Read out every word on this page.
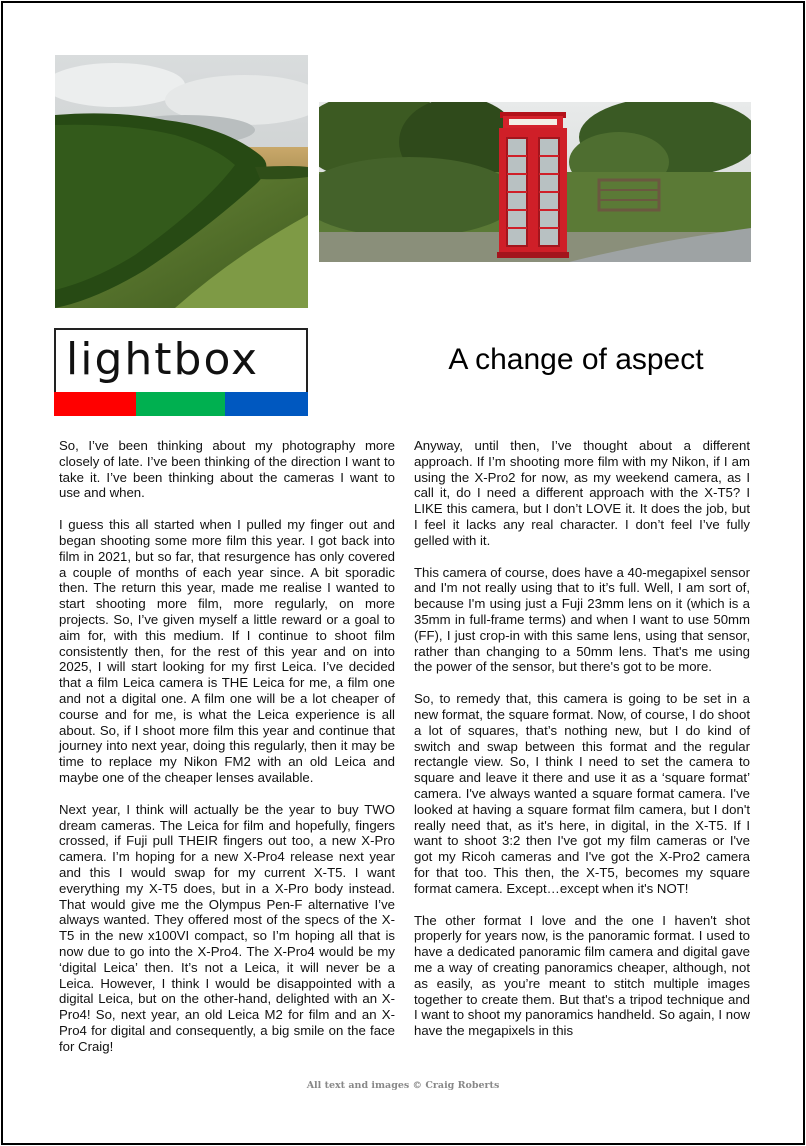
lightbox	A change of aspect

So, I’ve been thinking about my photography more closely of late. I’ve been thinking of the direction I want to take it. I’ve been thinking about the cameras I want to use and when.

I guess this all started when I pulled my finger out and began shooting some more film this year. I got back into film in 2021, but so far, that resurgence has only covered a couple of months of each year since. A bit sporadic then. The return this year, made me realise I wanted to start shooting more film, more regularly, on more projects. So, I’ve given myself a little reward or a goal to aim for, with this medium. If I continue to shoot film consistently then, for the rest of this year and on into 2025, I will start looking for my first Leica. I’ve decided that a film Leica camera is THE Leica for me, a film one and not a digital one. A film one will be a lot cheaper of course and for me, is what the Leica experience is all about. So, if I shoot more film this year and continue that journey into next year, doing this regularly, then it may be time to replace my Nikon FM2 with an old Leica and maybe one of the cheaper lenses available.

Next year, I think will actually be the year to buy TWO dream cameras. The Leica for film and hopefully, fingers crossed, if Fuji pull THEIR fingers out too, a new X-Pro camera. I’m hoping for a new X-Pro4 release next year and this I would swap for my current X-T5. I want everything my X-T5 does, but in a X-Pro body instead. That would give me the Olympus Pen-F alternative I’ve always wanted. They offered most of the specs of the X-T5 in the new x100VI compact, so I’m hoping all that is now due to go into the X-Pro4. The X-Pro4 would be my ‘digital Leica’ then. It’s not a Leica, it will never be a Leica. However, I think I would be disappointed with a digital Leica, but on the other-hand, delighted with an X-Pro4! So, next year, an old Leica M2 for film and an X-Pro4 for digital and consequently, a big smile on the face for Craig!

Anyway, until then, I’ve thought about a different approach. If I’m shooting more film with my Nikon, if I am using the X-Pro2 for now, as my weekend camera, as I call it, do I need a different approach with the X-T5? I LIKE this camera, but I don’t LOVE it. It does the job, but I feel it lacks any real character. I don’t feel I’ve fully gelled with it.

This camera of course, does have a 40-megapixel sensor and I'm not really using that to it’s full. Well, I am sort of, because I'm using just a Fuji 23mm lens on it (which is a 35mm in full-frame terms) and when I want to use 50mm (FF), I just crop-in with this same lens, using that sensor, rather than changing to a 50mm lens. That's me using the power of the sensor, but there's got to be more.

So, to remedy that, this camera is going to be set in a new format, the square format. Now, of course, I do shoot a lot of squares, that’s nothing new, but I do kind of switch and swap between this format and the regular rectangle view. So, I think I need to set the camera to square and leave it there and use it as a ‘square format’ camera. I've always wanted a square format camera. I've looked at having a square format film camera, but I don't really need that, as it's here, in digital, in the X-T5. If I want to shoot 3:2 then I've got my film cameras or I've got my Ricoh cameras and I've got the X-Pro2 camera for that too. This then, the X-T5, becomes my square format camera. Except…except when it's NOT!

The other format I love and the one I haven't shot properly for years now, is the panoramic format. I used to have a dedicated panoramic film camera and digital gave me a way of creating panoramics cheaper, although, not as easily, as you’re meant to stitch multiple images together to create them. But that's a tripod technique and I want to shoot my panoramics handheld. So again, I now have the megapixels in this

All text and images © Craig Roberts
